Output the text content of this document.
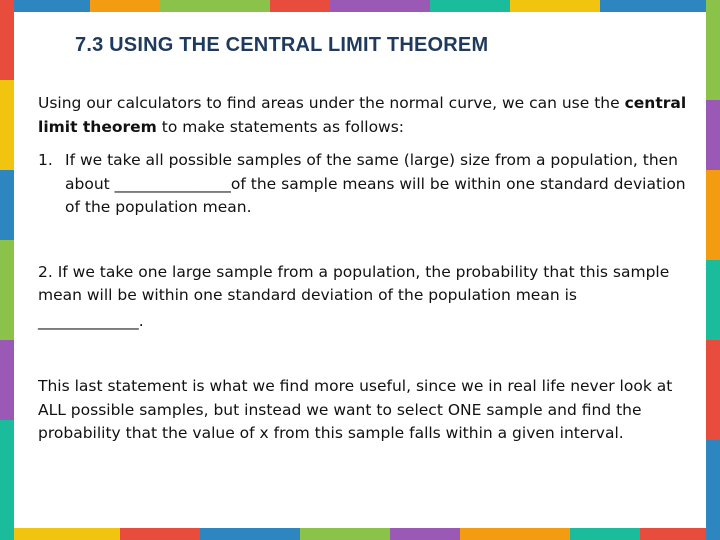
7.3 USING THE CENTRAL LIMIT THEOREM

Using our calculators to find areas under the normal curve, we can use the central limit theorem to make statements as follows:

1. If we take all possible samples of the same (large) size from a population, then about _______________of the sample means will be within one standard deviation of the population mean.

2. If we take one large sample from a population, the probability that this sample mean will be within one standard deviation of the population mean is
_____________.

This last statement is what we find more useful, since we in real life never look at ALL possible samples, but instead we want to select ONE sample and find the probability that the value of x from this sample falls within a given interval.
